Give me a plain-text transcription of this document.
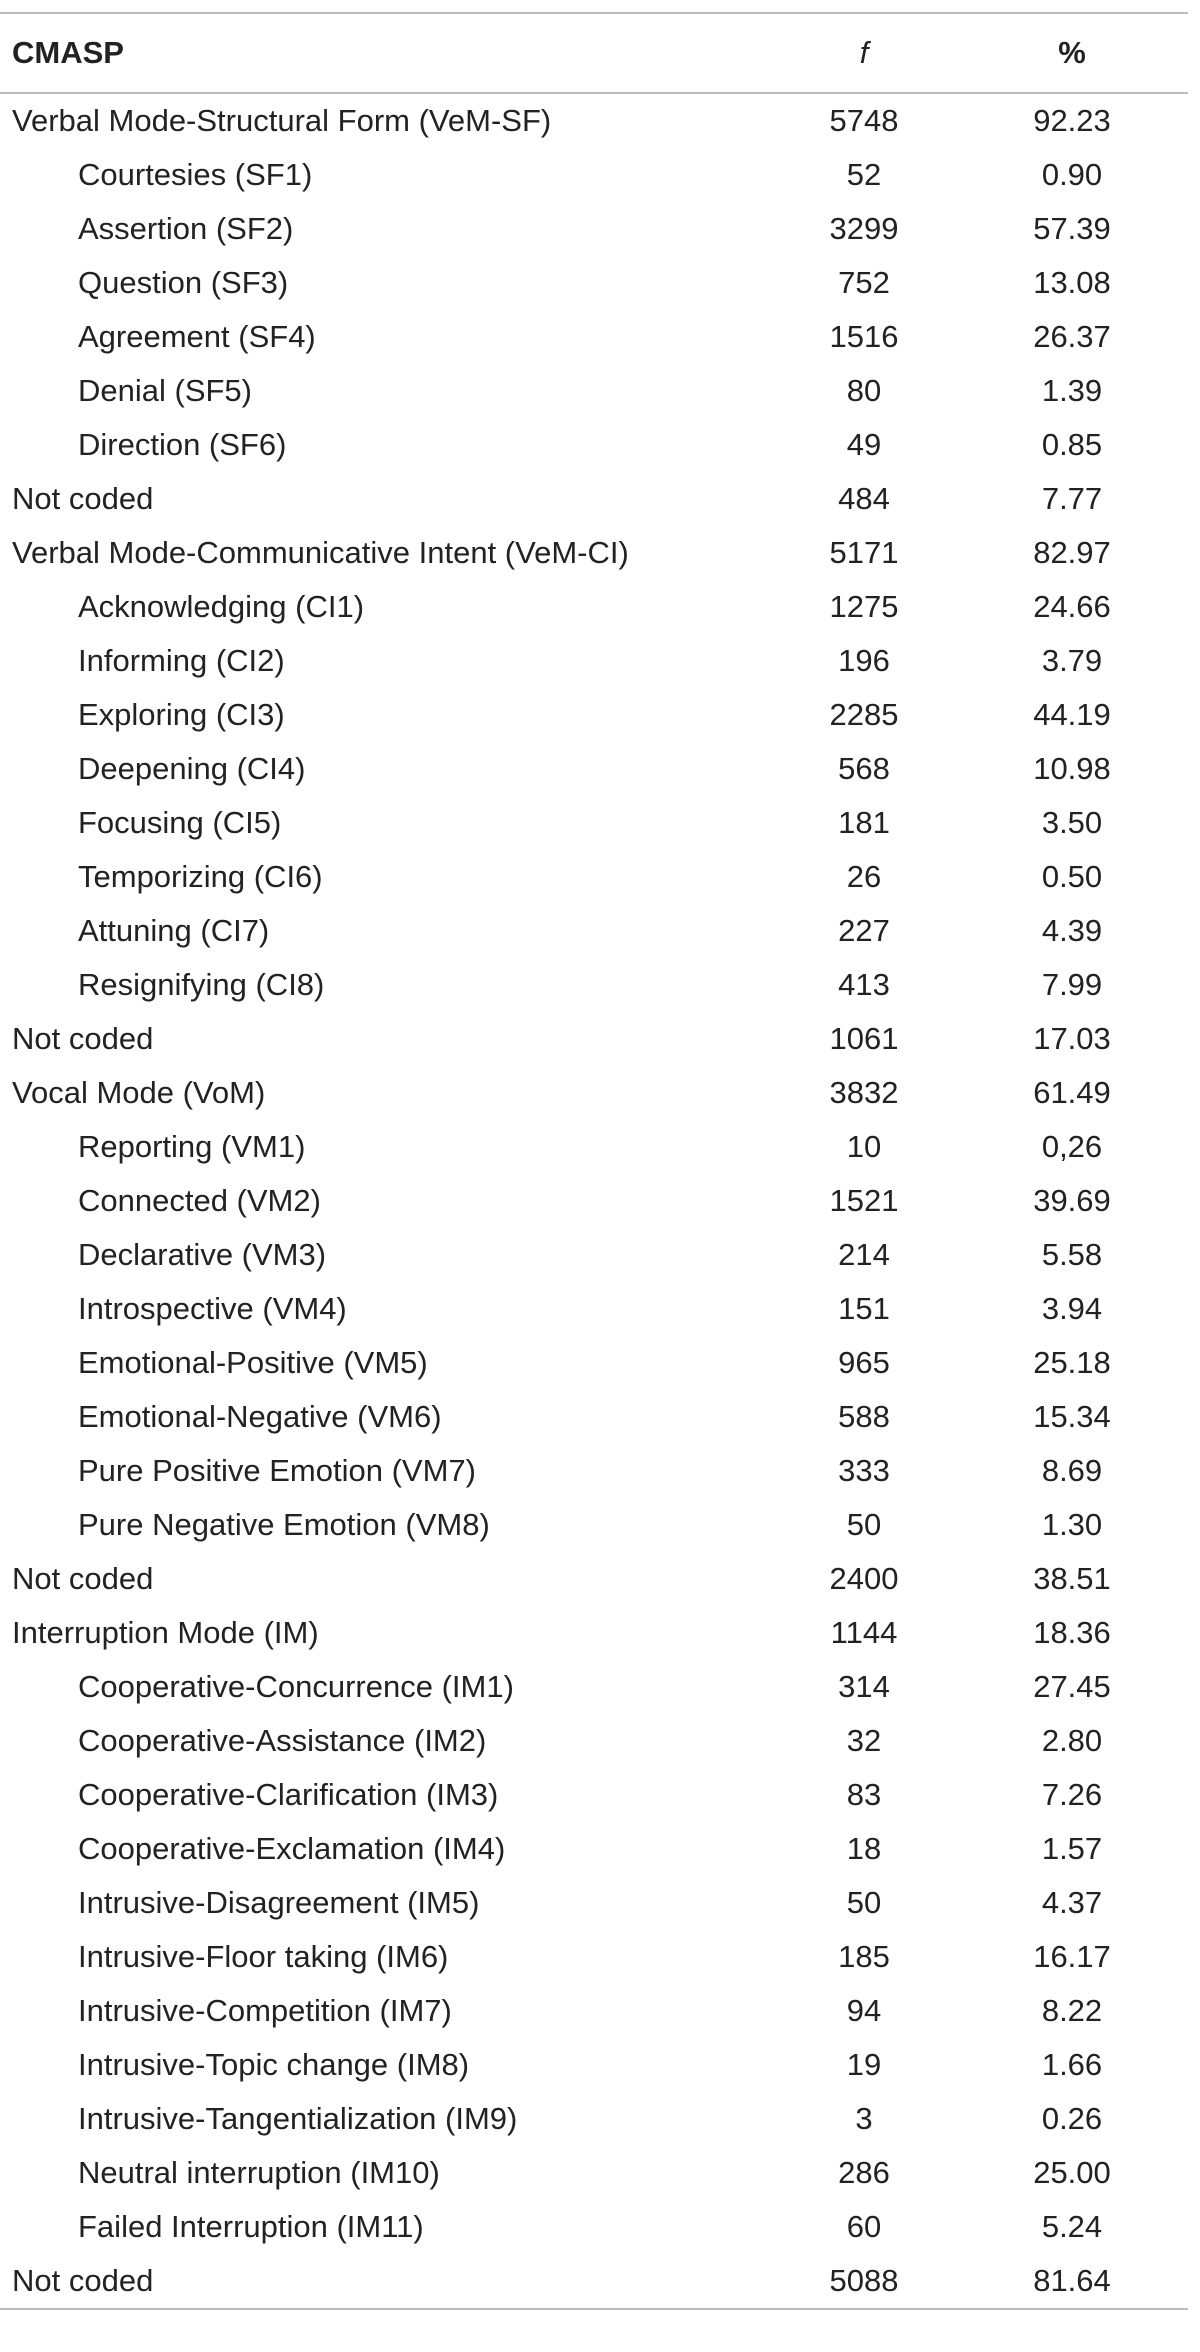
CMASP	f	%
Verbal Mode-Structural Form (VeM-SF)	5748	92.23
Courtesies (SF1)	52	0.90
Assertion (SF2)	3299	57.39
Question (SF3)	752	13.08
Agreement (SF4)	1516	26.37
Denial (SF5)	80	1.39
Direction (SF6)	49	0.85
Not coded	484	7.77
Verbal Mode-Communicative Intent (VeM-CI)	5171	82.97
Acknowledging (CI1)	1275	24.66
Informing (CI2)	196	3.79
Exploring (CI3)	2285	44.19
Deepening (CI4)	568	10.98
Focusing (CI5)	181	3.50
Temporizing (CI6)	26	0.50
Attuning (CI7)	227	4.39
Resignifying (CI8)	413	7.99
Not coded	1061	17.03
Vocal Mode (VoM)	3832	61.49
Reporting (VM1)	10	0,26
Connected (VM2)	1521	39.69
Declarative (VM3)	214	5.58
Introspective (VM4)	151	3.94
Emotional-Positive (VM5)	965	25.18
Emotional-Negative (VM6)	588	15.34
Pure Positive Emotion (VM7)	333	8.69
Pure Negative Emotion (VM8)	50	1.30
Not coded	2400	38.51
Interruption Mode (IM)	1144	18.36
Cooperative-Concurrence (IM1)	314	27.45
Cooperative-Assistance (IM2)	32	2.80
Cooperative-Clarification (IM3)	83	7.26
Cooperative-Exclamation (IM4)	18	1.57
Intrusive-Disagreement (IM5)	50	4.37
Intrusive-Floor taking (IM6)	185	16.17
Intrusive-Competition (IM7)	94	8.22
Intrusive-Topic change (IM8)	19	1.66
Intrusive-Tangentialization (IM9)	3	0.26
Neutral interruption (IM10)	286	25.00
Failed Interruption (IM11)	60	5.24
Not coded	5088	81.64
